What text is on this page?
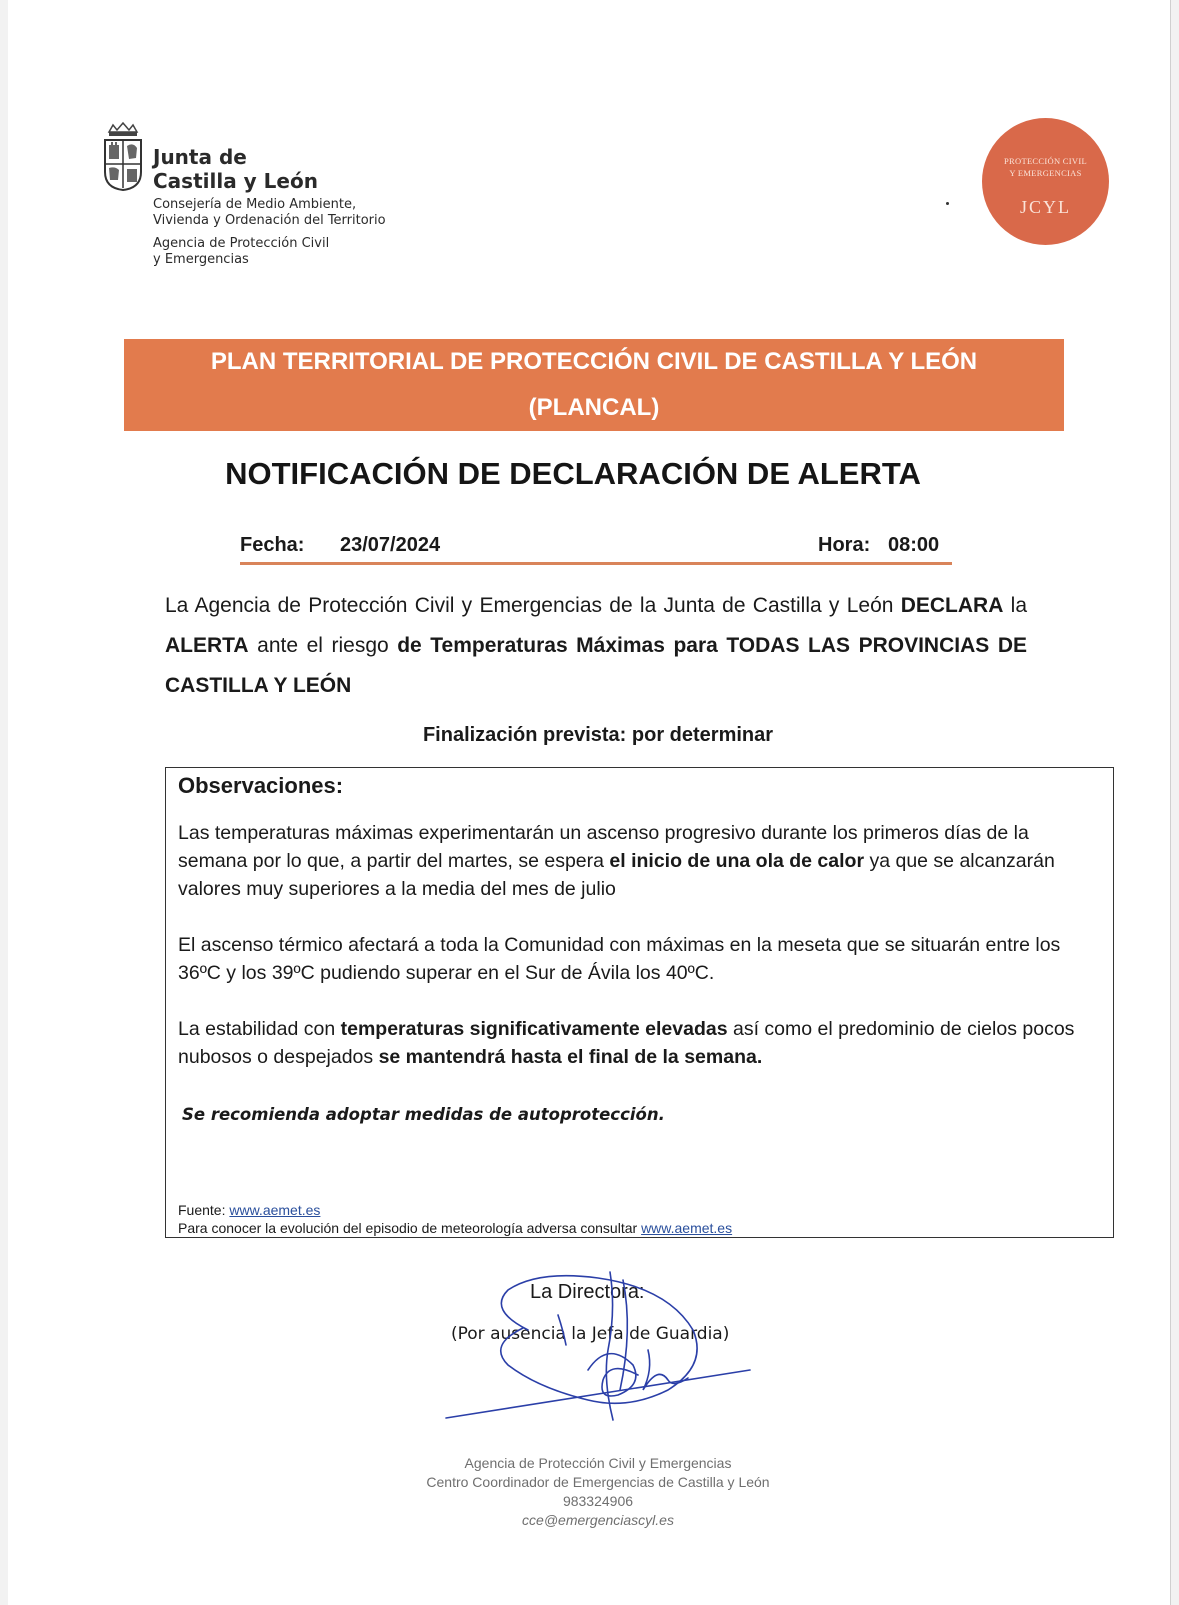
Junta de
Castilla y León
Consejería de Medio Ambiente,
Vivienda y Ordenación del Territorio
Agencia de Protección Civil
y Emergencias
PROTECCIÓN CIVIL
Y EMERGENCIAS
JCYL
PLAN TERRITORIAL DE PROTECCIÓN CIVIL DE CASTILLA Y LEÓN
(PLANCAL)
NOTIFICACIÓN DE DECLARACIÓN DE ALERTA
Fecha: 23/07/2024	Hora: 08:00
La Agencia de Protección Civil y Emergencias de la Junta de Castilla y León DECLARA la ALERTA ante el riesgo de Temperaturas Máximas para TODAS LAS PROVINCIAS DE CASTILLA Y LEÓN
Finalización prevista: por determinar
Observaciones:
Las temperaturas máximas experimentarán un ascenso progresivo durante los primeros días de la semana por lo que, a partir del martes, se espera el inicio de una ola de calor ya que se alcanzarán valores muy superiores a la media del mes de julio
El ascenso térmico afectará a toda la Comunidad con máximas en la meseta que se situarán entre los 36ºC y los 39ºC pudiendo superar en el Sur de Ávila los 40ºC.
La estabilidad con temperaturas significativamente elevadas así como el predominio de cielos pocos nubosos o despejados se mantendrá hasta el final de la semana.
Se recomienda adoptar medidas de autoprotección.
Fuente: www.aemet.es
Para conocer la evolución del episodio de meteorología adversa consultar www.aemet.es
La Directora:
(Por ausencia la Jefa de Guardia)
Agencia de Protección Civil y Emergencias
Centro Coordinador de Emergencias de Castilla y León
983324906
cce@emergenciascyl.es
